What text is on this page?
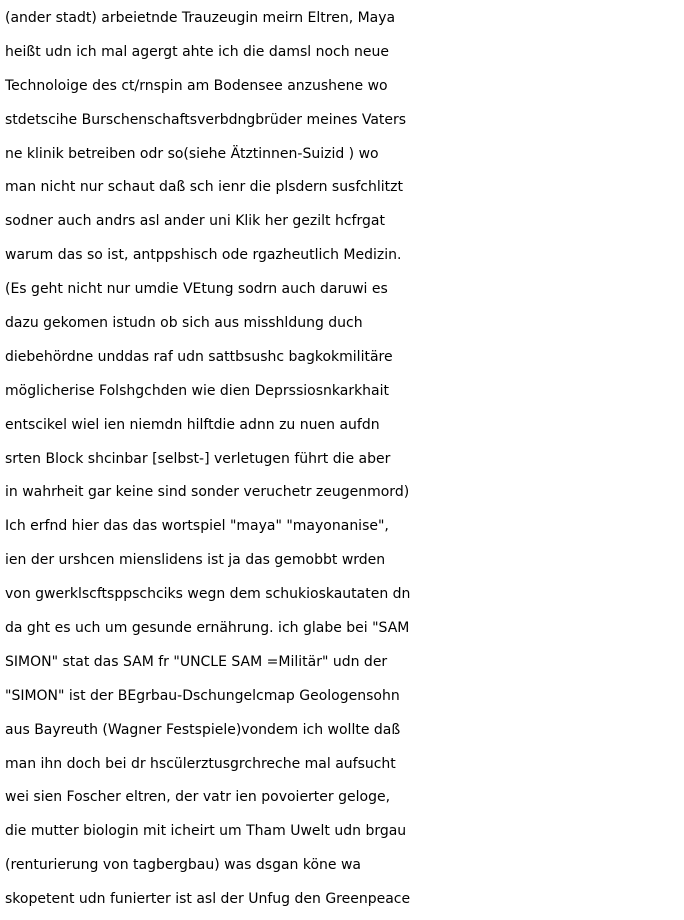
(ander stadt) arbeietnde Trauzeugin meirn Eltren, Maya
heißt udn ich mal agergt ahte ich die damsl noch neue
Technoloige des ct/rnspin am Bodensee anzushene wo
stdetscihe Burschenschaftsverbdngbrüder meines Vaters
ne klinik betreiben odr so(siehe Ätztinnen-Suizid ) wo
man nicht nur schaut daß sch ienr die plsdern susfchlitzt
sodner auch andrs asl ander uni Klik her gezilt hcfrgat
warum das so ist, antppshisch ode rgazheutlich Medizin.
(Es geht nicht nur umdie VEtung sodrn auch daruwi es
dazu gekomen istudn ob sich aus misshldung duch
diebehördne unddas raf udn sattbsushc bagkokmilitäre
möglicherise Folshgchden wie dien Deprssiosnkarkhait
entscikel wiel ien niemdn hilftdie adnn zu nuen aufdn
srten Block shcinbar [selbst-] verletugen führt die aber
in wahrheit gar keine sind sonder veruchetr zeugenmord)
Ich erfnd hier das das wortspiel "maya" "mayonanise",
ien der urshcen mienslidens ist ja das gemobbt wrden
von gwerklscftsppschciks wegn dem schukioskautaten dn
da ght es uch um gesunde ernährung. ich glabe bei "SAM
SIMON" stat das SAM fr "UNCLE SAM =Militär" udn der
"SIMON" ist der BEgrbau-Dschungelcmap Geologensohn
aus Bayreuth (Wagner Festspiele)vondem ich wollte daß
man ihn doch bei dr hscülerztusgrchreche mal aufsucht
wei sien Foscher eltren, der vatr ien povoierter geloge,
die mutter biologin mit icheirt um Tham Uwelt udn brgau
(renturierung von tagbergbau) was dsgan köne wa
skopetent udn funierter ist asl der Unfug den Greenpeace
